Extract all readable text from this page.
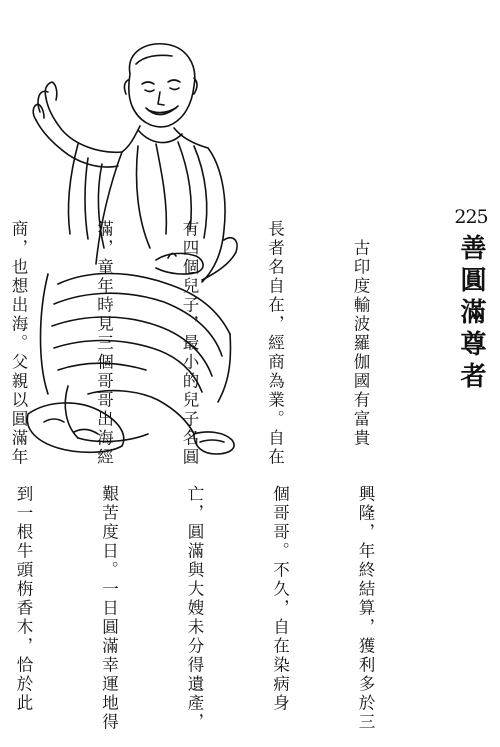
225
善圓滿尊者

　古印度輸波羅伽國有富貴

長者名自在，經商為業。自在

有四個兒子，最小的兒子名圓

滿，童年時見三個哥哥出海經

商，也想出海。父親以圓滿年

興隆，年終結算，獲利多於三

個哥哥。不久，自在染病身

亡，圓滿與大嫂未分得遺產，

艱苦度日。一日圓滿幸運地得

到一根牛頭栴香木，恰於此
